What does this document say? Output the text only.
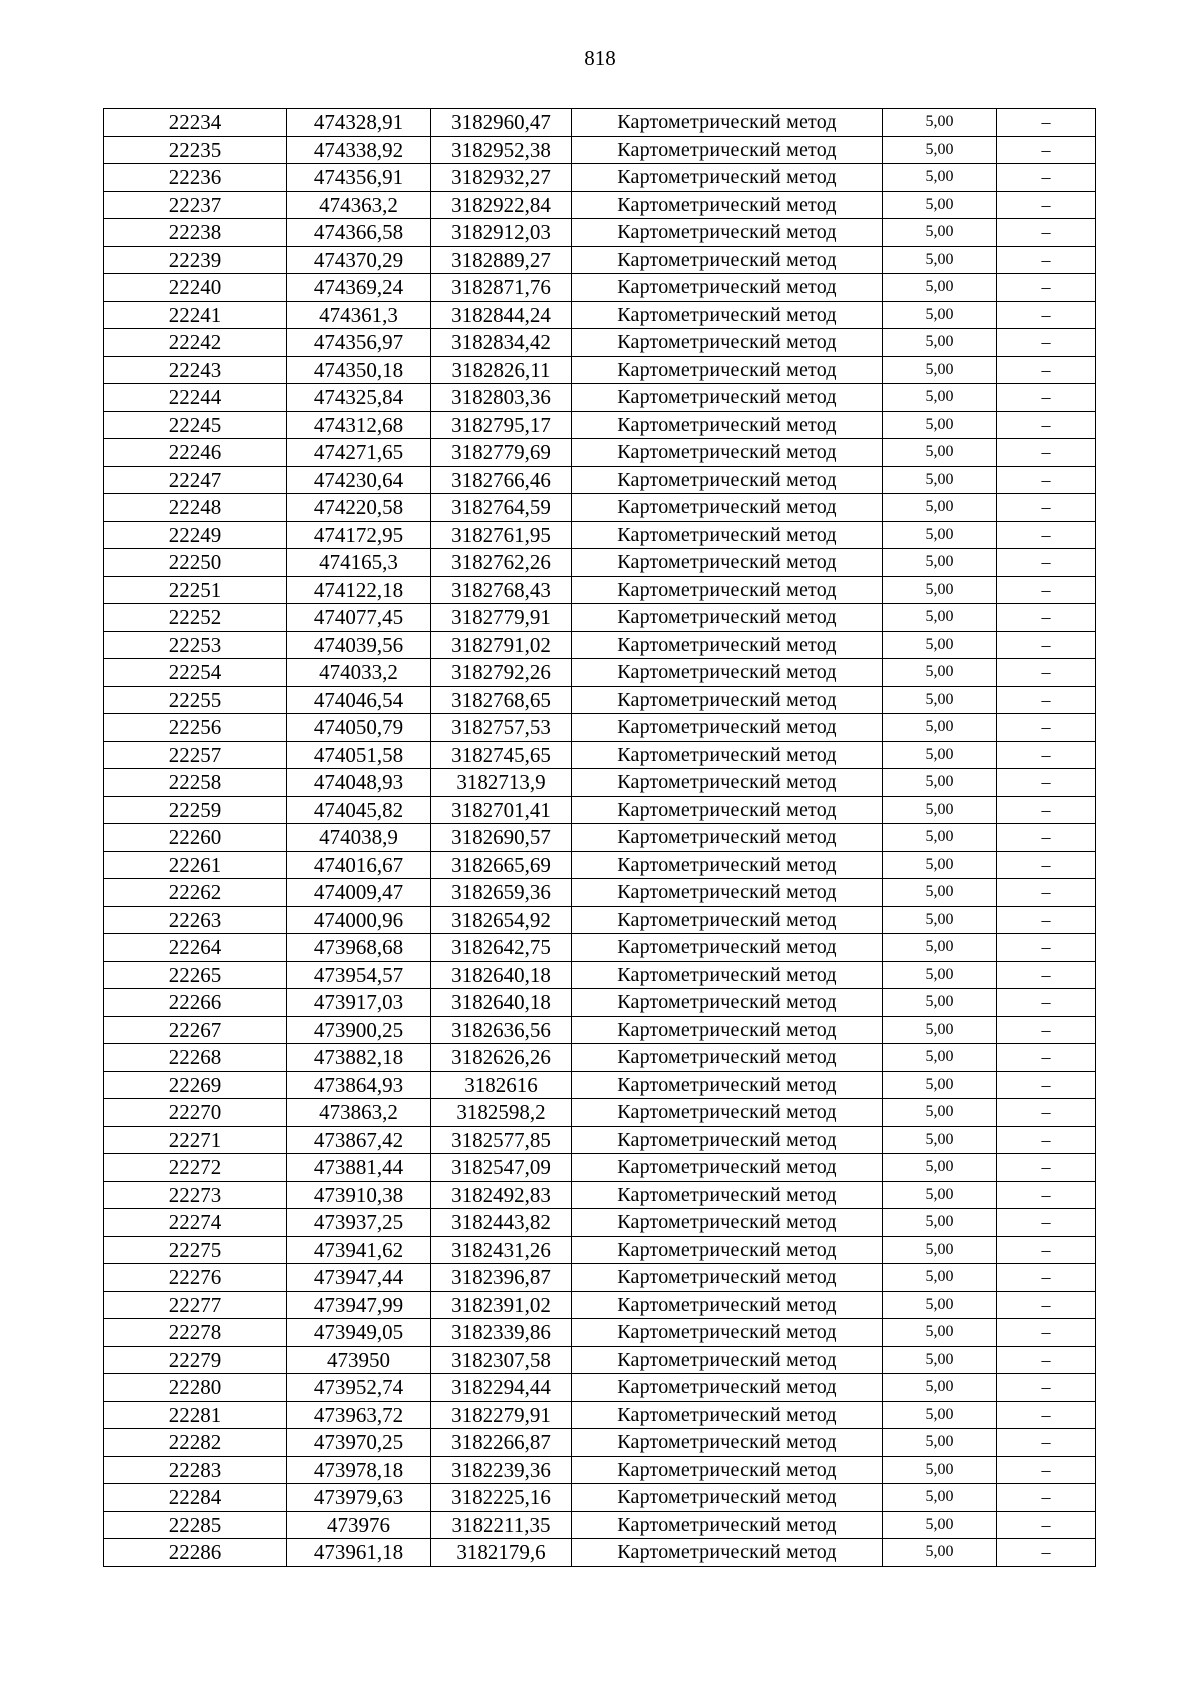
818
22234	474328,91	3182960,47	Картометрический метод	5,00	–
22235	474338,92	3182952,38	Картометрический метод	5,00	–
22236	474356,91	3182932,27	Картометрический метод	5,00	–
22237	474363,2	3182922,84	Картометрический метод	5,00	–
22238	474366,58	3182912,03	Картометрический метод	5,00	–
22239	474370,29	3182889,27	Картометрический метод	5,00	–
22240	474369,24	3182871,76	Картометрический метод	5,00	–
22241	474361,3	3182844,24	Картометрический метод	5,00	–
22242	474356,97	3182834,42	Картометрический метод	5,00	–
22243	474350,18	3182826,11	Картометрический метод	5,00	–
22244	474325,84	3182803,36	Картометрический метод	5,00	–
22245	474312,68	3182795,17	Картометрический метод	5,00	–
22246	474271,65	3182779,69	Картометрический метод	5,00	–
22247	474230,64	3182766,46	Картометрический метод	5,00	–
22248	474220,58	3182764,59	Картометрический метод	5,00	–
22249	474172,95	3182761,95	Картометрический метод	5,00	–
22250	474165,3	3182762,26	Картометрический метод	5,00	–
22251	474122,18	3182768,43	Картометрический метод	5,00	–
22252	474077,45	3182779,91	Картометрический метод	5,00	–
22253	474039,56	3182791,02	Картометрический метод	5,00	–
22254	474033,2	3182792,26	Картометрический метод	5,00	–
22255	474046,54	3182768,65	Картометрический метод	5,00	–
22256	474050,79	3182757,53	Картометрический метод	5,00	–
22257	474051,58	3182745,65	Картометрический метод	5,00	–
22258	474048,93	3182713,9	Картометрический метод	5,00	–
22259	474045,82	3182701,41	Картометрический метод	5,00	–
22260	474038,9	3182690,57	Картометрический метод	5,00	–
22261	474016,67	3182665,69	Картометрический метод	5,00	–
22262	474009,47	3182659,36	Картометрический метод	5,00	–
22263	474000,96	3182654,92	Картометрический метод	5,00	–
22264	473968,68	3182642,75	Картометрический метод	5,00	–
22265	473954,57	3182640,18	Картометрический метод	5,00	–
22266	473917,03	3182640,18	Картометрический метод	5,00	–
22267	473900,25	3182636,56	Картометрический метод	5,00	–
22268	473882,18	3182626,26	Картометрический метод	5,00	–
22269	473864,93	3182616	Картометрический метод	5,00	–
22270	473863,2	3182598,2	Картометрический метод	5,00	–
22271	473867,42	3182577,85	Картометрический метод	5,00	–
22272	473881,44	3182547,09	Картометрический метод	5,00	–
22273	473910,38	3182492,83	Картометрический метод	5,00	–
22274	473937,25	3182443,82	Картометрический метод	5,00	–
22275	473941,62	3182431,26	Картометрический метод	5,00	–
22276	473947,44	3182396,87	Картометрический метод	5,00	–
22277	473947,99	3182391,02	Картометрический метод	5,00	–
22278	473949,05	3182339,86	Картометрический метод	5,00	–
22279	473950	3182307,58	Картометрический метод	5,00	–
22280	473952,74	3182294,44	Картометрический метод	5,00	–
22281	473963,72	3182279,91	Картометрический метод	5,00	–
22282	473970,25	3182266,87	Картометрический метод	5,00	–
22283	473978,18	3182239,36	Картометрический метод	5,00	–
22284	473979,63	3182225,16	Картометрический метод	5,00	–
22285	473976	3182211,35	Картометрический метод	5,00	–
22286	473961,18	3182179,6	Картометрический метод	5,00	–
